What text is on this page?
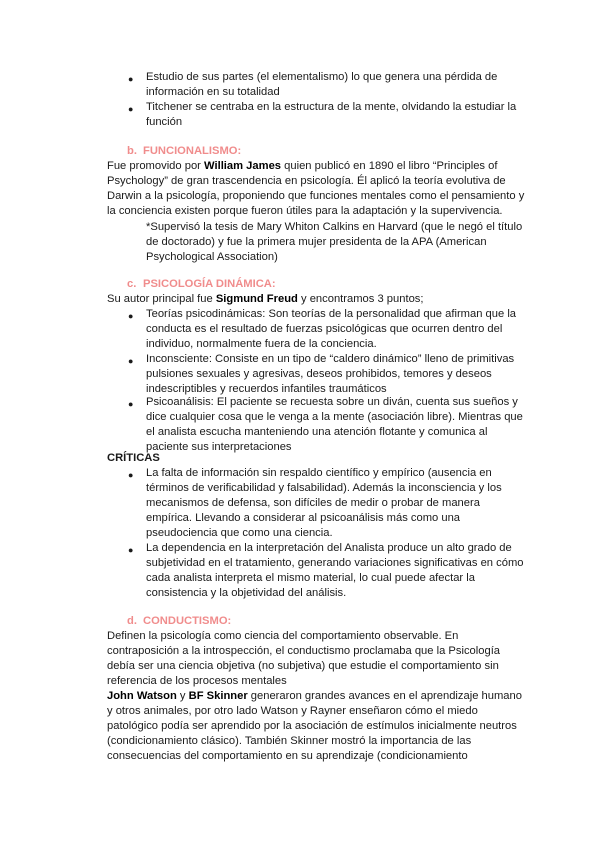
● Estudio de sus partes (el elementalismo) lo que genera una pérdida de información en su totalidad
● Titchener se centraba en la estructura de la mente, olvidando la estudiar la función
b. FUNCIONALISMO:
Fue promovido por William James quien publicó en 1890 el libro “Principles of Psychology” de gran trascendencia en psicología. Él aplicó la teoría evolutiva de Darwin a la psicología, proponiendo que funciones mentales como el pensamiento y la conciencia existen porque fueron útiles para la adaptación y la supervivencia.
*Supervisó la tesis de Mary Whiton Calkins en Harvard (que le negó el título de doctorado) y fue la primera mujer presidenta de la APA (American Psychological Association)
c. PSICOLOGÍA DINÁMICA:
Su autor principal fue Sigmund Freud y encontramos 3 puntos;
● Teorías psicodinámicas: Son teorías de la personalidad que afirman que la conducta es el resultado de fuerzas psicológicas que ocurren dentro del individuo, normalmente fuera de la conciencia.
● Inconsciente: Consiste en un tipo de “caldero dinámico” lleno de primitivas pulsiones sexuales y agresivas, deseos prohibidos, temores y deseos indescriptibles y recuerdos infantiles traumáticos
● Psicoanálisis: El paciente se recuesta sobre un diván, cuenta sus sueños y dice cualquier cosa que le venga a la mente (asociación libre). Mientras que el analista escucha manteniendo una atención flotante y comunica al paciente sus interpretaciones
CRÍTICAS
● La falta de información sin respaldo científico y empírico (ausencia en términos de verificabilidad y falsabilidad). Además la inconsciencia y los mecanismos de defensa, son difíciles de medir o probar de manera empírica. Llevando a considerar al psicoanálisis más como una pseudociencia que como una ciencia.
● La dependencia en la interpretación del Analista produce un alto grado de subjetividad en el tratamiento, generando variaciones significativas en cómo cada analista interpreta el mismo material, lo cual puede afectar la consistencia y la objetividad del análisis.
d. CONDUCTISMO:
Definen la psicología como ciencia del comportamiento observable. En contraposición a la introspección, el conductismo proclamaba que la Psicología debía ser una ciencia objetiva (no subjetiva) que estudie el comportamiento sin referencia de los procesos mentales
John Watson y BF Skinner generaron grandes avances en el aprendizaje humano y otros animales, por otro lado Watson y Rayner enseñaron cómo el miedo patológico podía ser aprendido por la asociación de estímulos inicialmente neutros (condicionamiento clásico). También Skinner mostró la importancia de las consecuencias del comportamiento en su aprendizaje (condicionamiento
